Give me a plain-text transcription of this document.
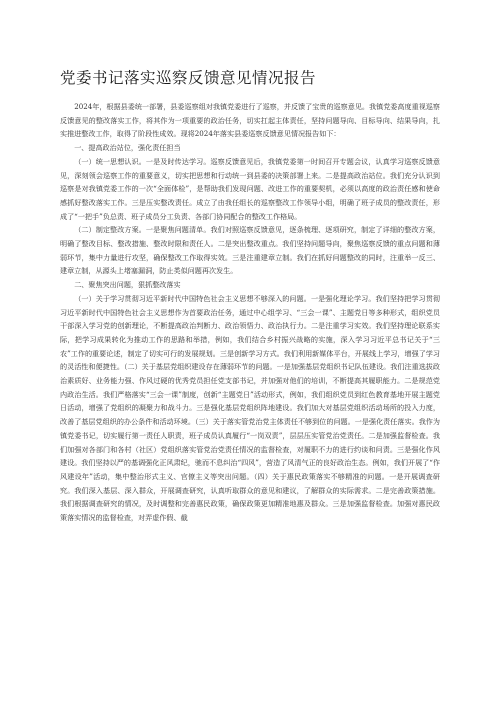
党委书记落实巡察反馈意见情况报告

2024年，根据县委统一部署，县委巡察组对我镇党委进行了巡察，并反馈了宝贵的巡察意见。我镇党委高度重视巡察反馈意见的整改落实工作，将其作为一项重要的政治任务，切实扛起主体责任，坚持问题导向、目标导向、结果导向，扎实推进整改工作，取得了阶段性成效。现将2024年落实县委巡察反馈意见情况报告如下：

一、提高政治站位，强化责任担当

（一）统一思想认识。一是及时传达学习。巡察反馈意见后，我镇党委第一时间召开专题会议，认真学习巡察反馈意见，深刻领会巡察工作的重要意义，切实把思想和行动统一到县委的决策部署上来。二是提高政治站位。我们充分认识到巡察是对我镇党委工作的一次“全面体检”，是帮助我们发现问题、改进工作的重要契机，必须以高度的政治责任感和使命感抓好整改落实工作。三是压实整改责任。成立了由我任组长的巡察整改工作领导小组，明确了班子成员的整改责任，形成了“一把手”负总责、班子成员分工负责、各部门协同配合的整改工作格局。

（二）制定整改方案。一是聚焦问题清单。我们对照巡察反馈意见，逐条梳理、逐项研究，制定了详细的整改方案，明确了整改目标、整改措施、整改时限和责任人。二是突出整改重点。我们坚持问题导向，聚焦巡察反馈的重点问题和薄弱环节，集中力量进行攻坚，确保整改工作取得实效。三是注重建章立制。我们在抓好问题整改的同时，注重举一反三、建章立制，从源头上堵塞漏洞，防止类似问题再次发生。

二、聚焦突出问题，狠抓整改落实

（一）关于学习贯彻习近平新时代中国特色社会主义思想不够深入的问题。一是强化理论学习。我们坚持把学习贯彻习近平新时代中国特色社会主义思想作为首要政治任务，通过中心组学习、“三会一课”、主题党日等多种形式，组织党员干部深入学习党的创新理论，不断提高政治判断力、政治领悟力、政治执行力。二是注重学习实效。我们坚持理论联系实际，把学习成果转化为推动工作的思路和举措，例如，我们结合乡村振兴战略的实施，深入学习习近平总书记关于“三农”工作的重要论述，制定了切实可行的发展规划。三是创新学习方式。我们利用新媒体平台，开展线上学习，增强了学习的灵活性和便捷性。（二）关于基层党组织建设存在薄弱环节的问题。一是加强基层党组织书记队伍建设。我们注重选拔政治素质好、业务能力强、作风过硬的优秀党员担任党支部书记，并加强对他们的培训，不断提高其履职能力。二是规范党内政治生活。我们严格落实“三会一课”制度，创新“主题党日”活动形式，例如，我们组织党员到红色教育基地开展主题党日活动，增强了党组织的凝聚力和战斗力。三是强化基层党组织阵地建设。我们加大对基层党组织活动场所的投入力度，改善了基层党组织的办公条件和活动环境。（三）关于落实管党治党主体责任不够到位的问题。一是强化责任落实。我作为镇党委书记，切实履行第一责任人职责，班子成员认真履行“一岗双责”，层层压实管党治党责任。二是加强监督检查。我们加强对各部门和各村（社区）党组织落实管党治党责任情况的监督检查，对履职不力的进行约谈和问责。三是强化作风建设。我们坚持以严的基调强化正风肃纪，驰而不息纠治“四风”，营造了风清气正的良好政治生态。例如，我们开展了“作风建设年”活动，集中整治形式主义、官僚主义等突出问题。（四）关于惠民政策落实不够精准的问题。一是开展调查研究。我们深入基层、深入群众，开展调查研究，认真听取群众的意见和建议，了解群众的实际需求。二是完善政策措施。我们根据调查研究的情况，及时调整和完善惠民政策，确保政策更加精准地惠及群众。三是加强监督检查。加强对惠民政策落实情况的监督检查，对弄虚作假、截
